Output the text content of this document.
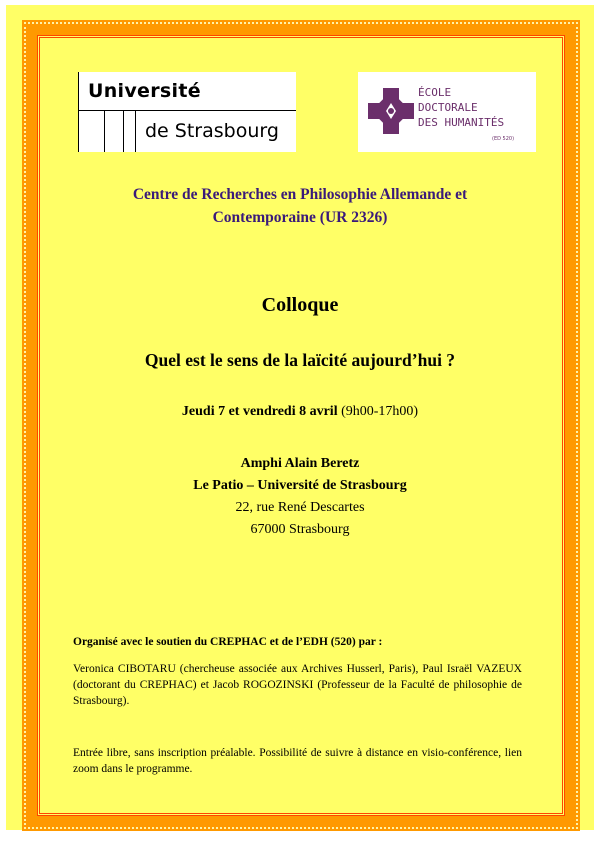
Université
de Strasbourg
ÉCOLE
DOCTORALE
DES HUMANITÉS
(ED 520)
Centre de Recherches en Philosophie Allemande et
Contemporaine (UR 2326)
Colloque
Quel est le sens de la laïcité aujourd’hui ?
Jeudi 7 et vendredi 8 avril (9h00-17h00)
Amphi Alain Beretz
Le Patio – Université de Strasbourg
22, rue René Descartes
67000 Strasbourg
Organisé avec le soutien du CREPHAC et de l’EDH (520) par :
Veronica CIBOTARU (chercheuse associée aux Archives Husserl, Paris), Paul Israël VAZEUX (doctorant du CREPHAC) et Jacob ROGOZINSKI (Professeur de la Faculté de philosophie de Strasbourg).
Entrée libre, sans inscription préalable. Possibilité de suivre à distance en visio-conférence, lien zoom dans le programme.
